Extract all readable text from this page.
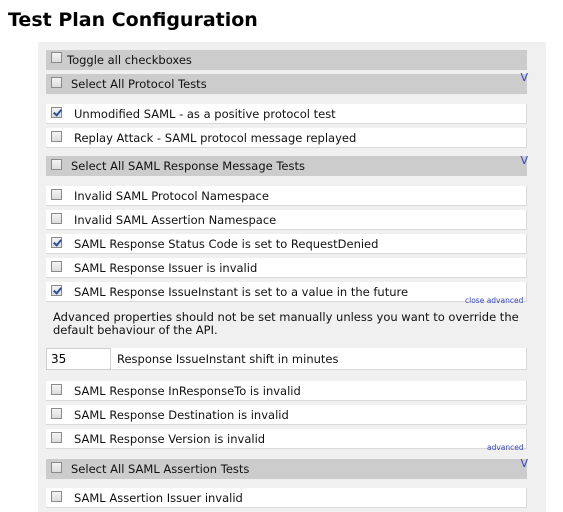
Test Plan Configuration
Toggle all checkboxes
Select All Protocol Tests	V
Unmodified SAML - as a positive protocol test
Replay Attack - SAML protocol message replayed
Select All SAML Response Message Tests	V
Invalid SAML Protocol Namespace
Invalid SAML Assertion Namespace
SAML Response Status Code is set to RequestDenied
SAML Response Issuer is invalid
SAML Response IssueInstant is set to a value in the future
close advanced
Advanced properties should not be set manually unless you want to override the default behaviour of the API.
35	Response IssueInstant shift in minutes
SAML Response InResponseTo is invalid
SAML Response Destination is invalid
SAML Response Version is invalid
advanced
Select All SAML Assertion Tests	V
SAML Assertion Issuer invalid
